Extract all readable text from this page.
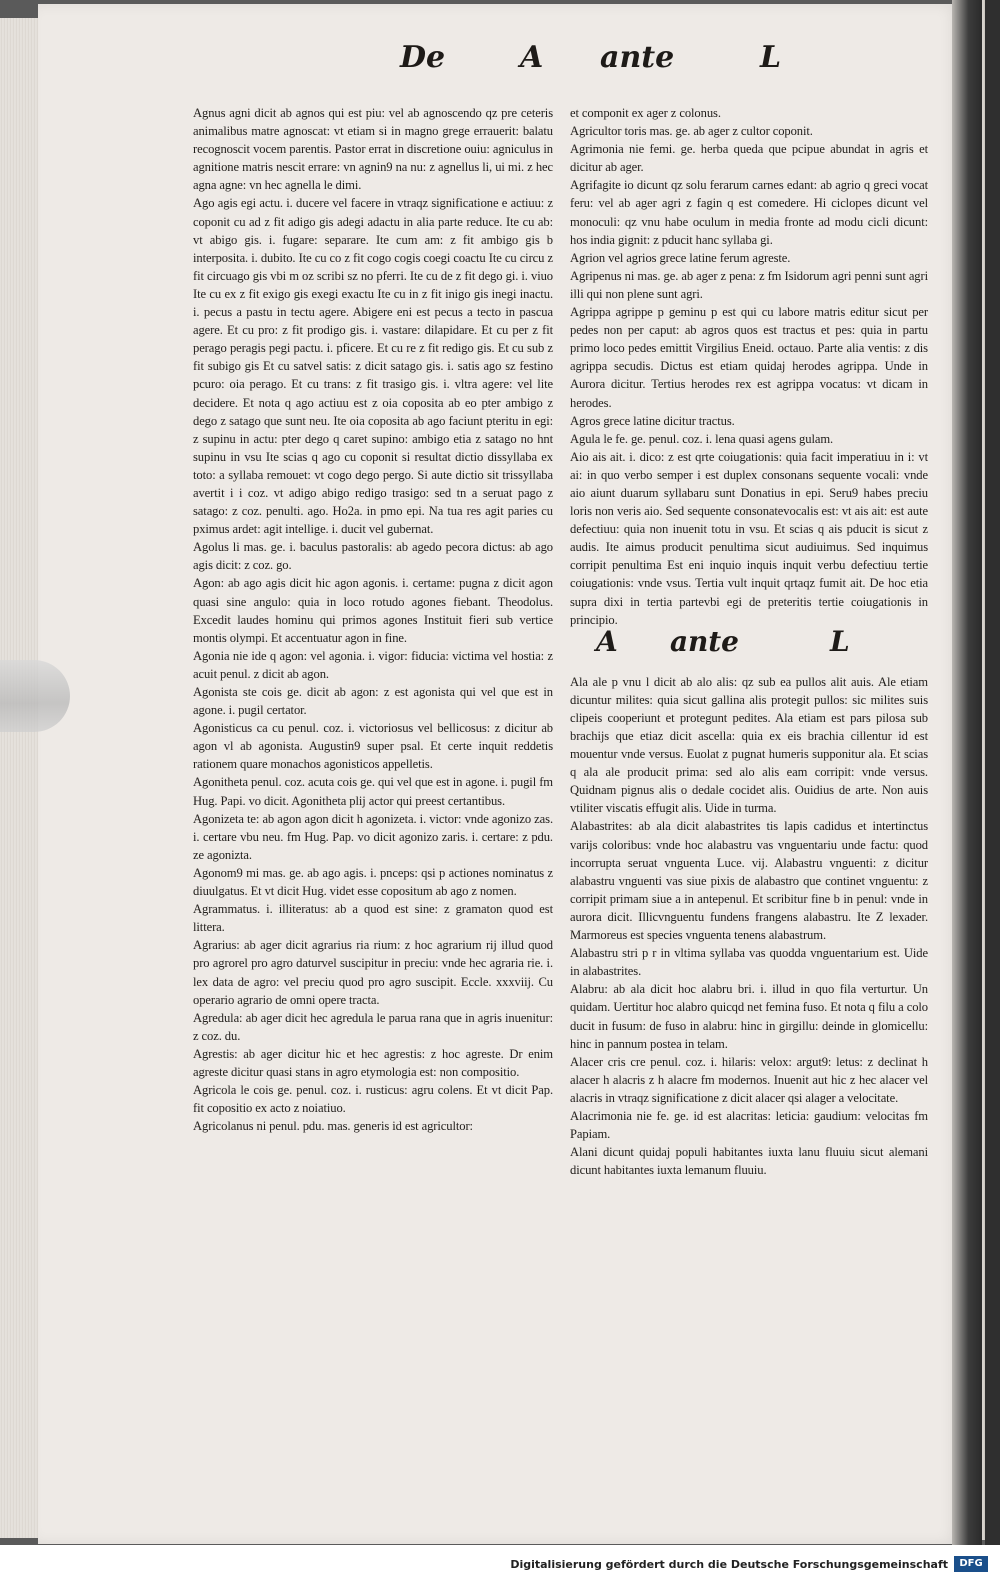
De A ante	L

Agnus agni dicit ab agnos qui est piu: vel ab agnoscendo qz pre ceteris animalibus matre agnoscat: vt etiam si in magno grege errauerit: balatu recognoscit vocem parentis. Pastor errat in discretione ouiu: agniculus in agnitione matris nescit errare: vn agnin9 na nu: z agnellus li, ui mi. z hec agna agne: vn hec agnella le dimi.

Ago agis egi actu. i. ducere vel facere in vtraqz significatione e actiuu: z coponit cu ad z fit adigo gis adegi adactu in alia parte reduce. Ite cu ab: vt abigo gis. i. fugare: separare. Ite cum am: z fit ambigo gis b interposita. i. dubito. Ite cu co z fit cogo cogis coegi coactu Ite cu circu z fit circuago gis vbi m oz scribi sz no pferri. Ite cu de z fit dego gi. i. viuo Ite cu ex z fit exigo gis exegi exactu Ite cu in z fit inigo gis inegi inactu. i. pecus a pastu in tectu agere. Abigere eni est pecus a tecto in pascua agere. Et cu pro: z fit prodigo gis. i. vastare: dilapidare. Et cu per z fit perago peragis pegi pactu. i. pficere. Et cu re z fit redigo gis. Et cu sub z fit subigo gis Et cu satvel satis: z dicit satago gis. i. satis ago sz festino pcuro: oia perago. Et cu trans: z fit trasigo gis. i. vltra agere: vel lite decidere. Et nota q ago actiuu est z oia coposita ab eo pter ambigo z dego z satago que sunt neu. Ite oia coposita ab ago faciunt pteritu in egi: z supinu in actu: pter dego q caret supino: ambigo etia z satago no hnt supinu in vsu Ite scias q ago cu coponit si resultat dictio dissyllaba ex toto: a syllaba remouet: vt cogo dego pergo. Si aute dictio sit trissyllaba avertit i i coz. vt adigo abigo redigo trasigo: sed tn a seruat pago z satago: z coz. penulti. ago. Ho2a. in pmo epi. Na tua res agit paries cu pximus ardet: agit intellige. i. ducit vel gubernat.

Agolus li mas. ge. i. baculus pastoralis: ab agedo pecora dictus: ab ago agis dicit: z coz. go.

Agon: ab ago agis dicit hic agon agonis. i. certame: pugna z dicit agon quasi sine angulo: quia in loco rotudo agones fiebant. Theodolus. Excedit laudes hominu qui primos agones Instituit fieri sub vertice montis olympi. Et accentuatur agon in fine.

Agonia nie ide q agon: vel agonia. i. vigor: fiducia: victima vel hostia: z acuit penul. z dicit ab agon.

Agonista ste cois ge. dicit ab agon: z est agonista qui vel que est in agone. i. pugil certator.

Agonisticus ca cu penul. coz. i. victoriosus vel bellicosus: z dicitur ab agon vl ab agonista. Augustin9 super psal. Et certe inquit reddetis rationem quare monachos agonisticos appelletis.

Agonitheta penul. coz. acuta cois ge. qui vel que est in agone. i. pugil fm Hug. Papi. vo dicit. Agonitheta plij actor qui preest certantibus.

Agonizeta te: ab agon agon dicit h agonizeta. i. victor: vnde agonizo zas. i. certare vbu neu. fm Hug. Pap. vo dicit agonizo zaris. i. certare: z pdu. ze agonizta.

Agonom9 mi mas. ge. ab ago agis. i. pnceps: qsi p actiones nominatus z diuulgatus. Et vt dicit Hug. videt esse copositum ab ago z nomen.

Agrammatus. i. illiteratus: ab a quod est sine: z gramaton quod est littera.

Agrarius: ab ager dicit agrarius ria rium: z hoc agrarium rij illud quod pro agrorel pro agro daturvel suscipitur in preciu: vnde hec agraria rie. i. lex data de agro: vel preciu quod pro agro suscipit. Eccle. xxxviij. Cu operario agrario de omni opere tracta.

Agredula: ab ager dicit hec agredula le parua rana que in agris inuenitur: z coz. du.

Agrestis: ab ager dicitur hic et hec agrestis: z hoc agreste. Dr enim agreste dicitur quasi stans in agro etymologia est: non compositio.

Agricola le cois ge. penul. coz. i. rusticus: agru colens. Et vt dicit Pap. fit copositio ex acto z noiatiuo.

Agricolanus ni penul. pdu. mas. generis id est agricultor:

et componit ex ager z colonus.

Agricultor toris mas. ge. ab ager z cultor coponit.

Agrimonia nie femi. ge. herba queda que pcipue abundat in agris et dicitur ab ager.

Agrifagite io dicunt qz solu ferarum carnes edant: ab agrio q greci vocat feru: vel ab ager agri z fagin q est comedere. Hi ciclopes dicunt vel monoculi: qz vnu habe oculum in media fronte ad modu cicli dicunt: hos india gignit: z pducit hanc syllaba gi.

Agrion vel agrios grece latine ferum agreste.

Agripenus ni mas. ge. ab ager z pena: z fm Isidorum agri penni sunt agri illi qui non plene sunt agri.

Agrippa agrippe p geminu p est qui cu labore matris editur sicut per pedes non per caput: ab agros quos est tractus et pes: quia in partu primo loco pedes emittit Virgilius Eneid. octauo. Parte alia ventis: z dis agrippa secudis. Dictus est etiam quidaj herodes agrippa. Unde in Aurora dicitur. Tertius herodes rex est agrippa vocatus: vt dicam in herodes.

Agros grece latine dicitur tractus.

Agula le fe. ge. penul. coz. i. lena quasi agens gulam.

Aio ais ait. i. dico: z est qrte coiugationis: quia facit imperatiuu in i: vt ai: in quo verbo semper i est duplex consonans sequente vocali: vnde aio aiunt duarum syllabaru sunt Donatius in epi. Seru9 habes preciu loris non veris aio. Sed sequente consonatevocalis est: vt ais ait: est aute defectiuu: quia non inuenit totu in vsu. Et scias q ais pducit is sicut z audis. Ite aimus producit penultima sicut audiuimus. Sed inquimus corripit penultima Est eni inquio inquis inquit verbu defectiuu tertie coiugationis: vnde vsus. Tertia vult inquit qrtaqz fumit ait. De hoc etia supra dixi in tertia partevbi egi de preteritis tertie coiugationis in principio.

A ante	L

Ala ale p vnu l dicit ab alo alis: qz sub ea pullos alit auis. Ale etiam dicuntur milites: quia sicut gallina alis protegit pullos: sic milites suis clipeis cooperiunt et protegunt pedites. Ala etiam est pars pilosa sub brachijs que etiaz dicit ascella: quia ex eis brachia cillentur id est mouentur vnde versus. Euolat z pugnat humeris supponitur ala. Et scias q ala ale producit prima: sed alo alis eam corripit: vnde versus. Quidnam pignus alis o dedale cocidet alis. Ouidius de arte. Non auis vtiliter viscatis effugit alis. Uide in turma.

Alabastrites: ab ala dicit alabastrites tis lapis cadidus et intertinctus varijs coloribus: vnde hoc alabastru vas vnguentariu unde factu: quod incorrupta seruat vnguenta Luce. vij. Alabastru vnguenti: z dicitur alabastru vnguenti vas siue pixis de alabastro que continet vnguentu: z corripit primam siue a in antepenul. Et scribitur fine b in penul: vnde in aurora dicit. Illicvnguentu fundens frangens alabastru. Ite Z lexader. Marmoreus est species vnguenta tenens alabastrum.

Alabastru stri p r in vltima syllaba vas quodda vnguentarium est. Uide in alabastrites.

Alabru: ab ala dicit hoc alabru bri. i. illud in quo fila verturtur. Un quidam. Uertitur hoc alabro quicqd net femina fuso. Et nota q filu a colo ducit in fusum: de fuso in alabru: hinc in girgillu: deinde in glomicellu: hinc in pannum postea in telam.

Alacer cris cre penul. coz. i. hilaris: velox: argut9: letus: z declinat h alacer h alacris z h alacre fm modernos. Inuenit aut hic z hec alacer vel alacris in vtraqz significatione z dicit alacer qsi alager a velocitate.

Alacrimonia nie fe. ge. id est alacritas: leticia: gaudium: velocitas fm Papiam.

Alani dicunt quidaj populi habitantes iuxta lanu fluuiu sicut alemani dicunt habitantes iuxta lemanum fluuiu.

Digitalisierung gefördert durch die Deutsche Forschungsgemeinschaft	DFG
